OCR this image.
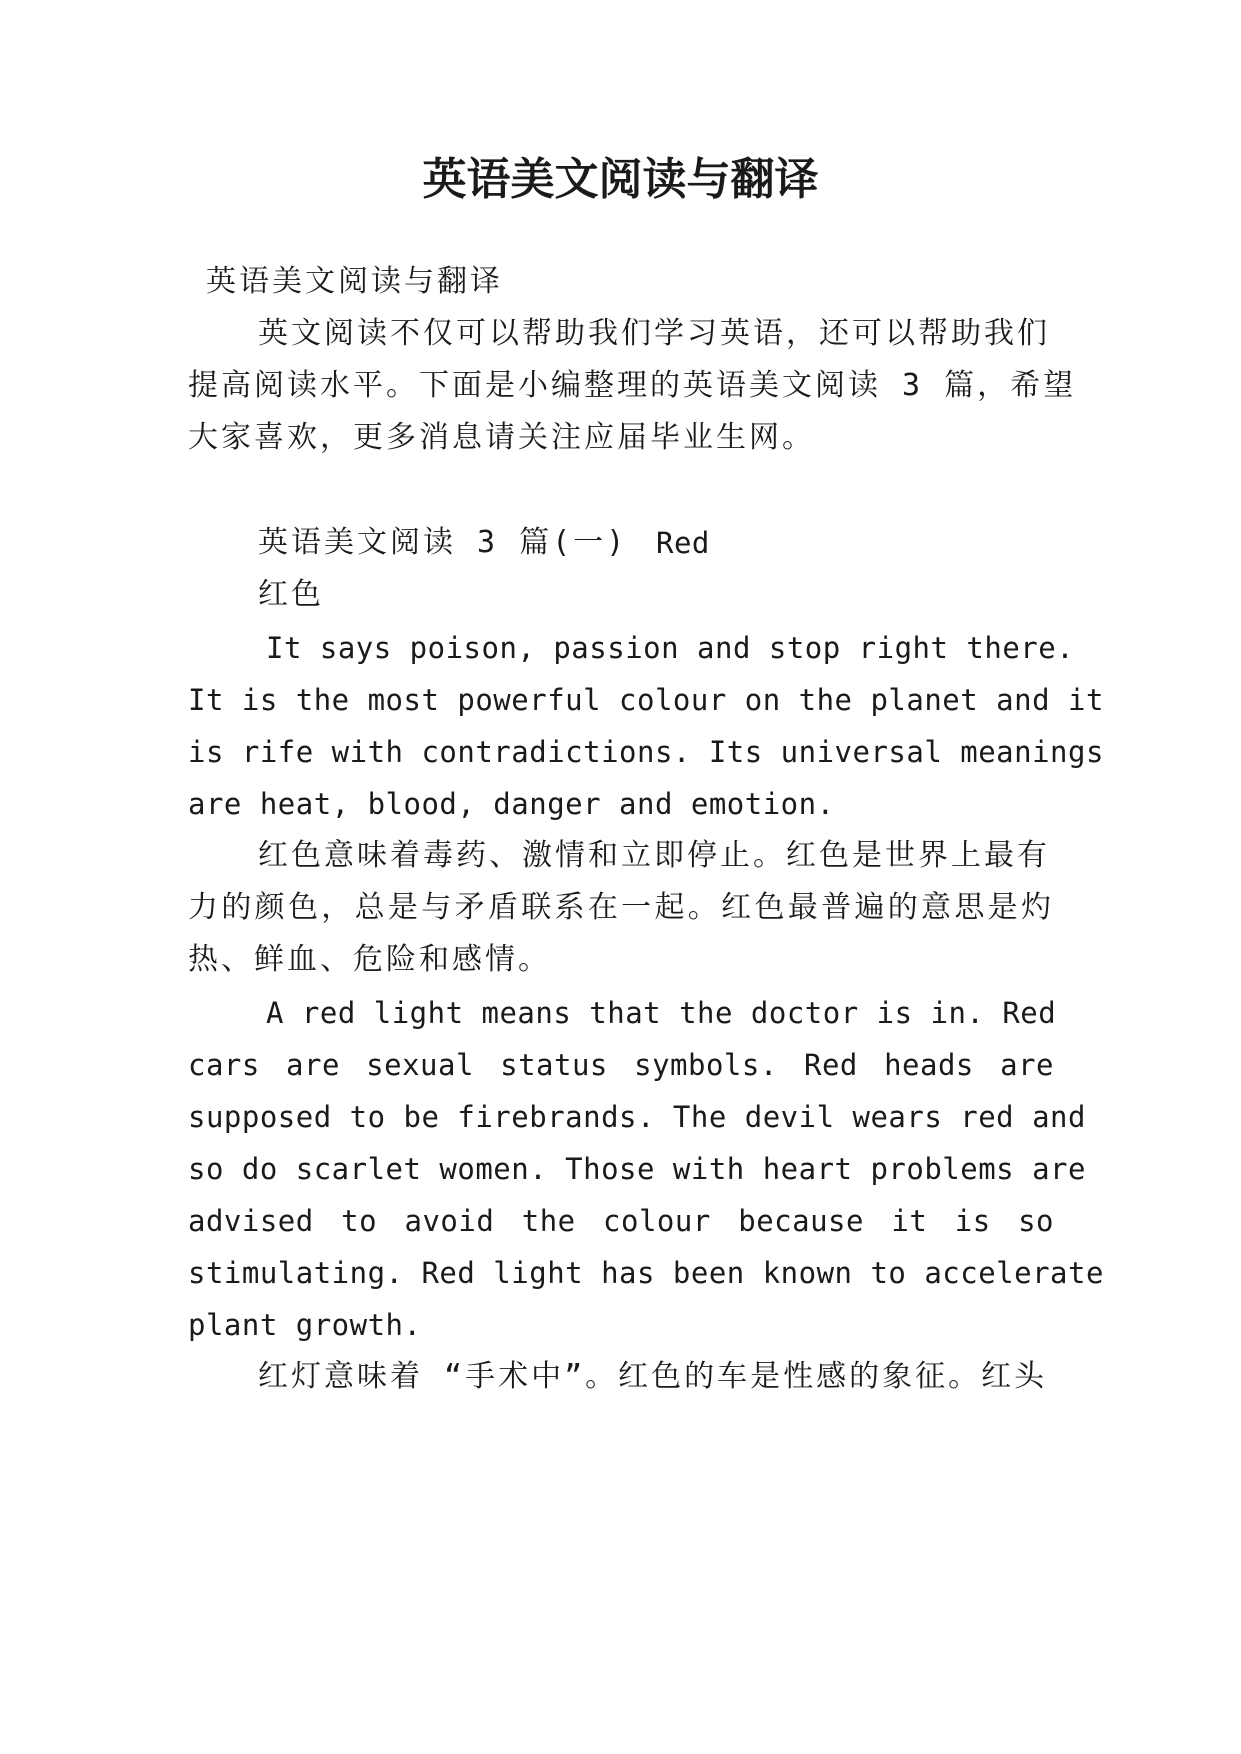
英语美文阅读与翻译

英语美文阅读与翻译

英文阅读不仅可以帮助我们学习英语，还可以帮助我们

提高阅读水平。下面是小编整理的英语美文阅读 3 篇，希望

大家喜欢，更多消息请关注应届毕业生网。

英语美文阅读 3 篇(一) Red

红色

It says poison, passion and stop right there.

It is the most powerful colour on the planet and it

is rife with contradictions. Its universal meanings

are heat, blood, danger and emotion.

红色意味着毒药、激情和立即停止。红色是世界上最有

力的颜色，总是与矛盾联系在一起。红色最普遍的意思是灼

热、鲜血、危险和感情。

A red light means that the doctor is in. Red

cars are sexual status symbols. Red heads are

supposed to be firebrands. The devil wears red and

so do scarlet women. Those with heart problems are

advised to avoid the colour because it is so

stimulating. Red light has been known to accelerate

plant growth.

红灯意味着 “手术中”。红色的车是性感的象征。红头
